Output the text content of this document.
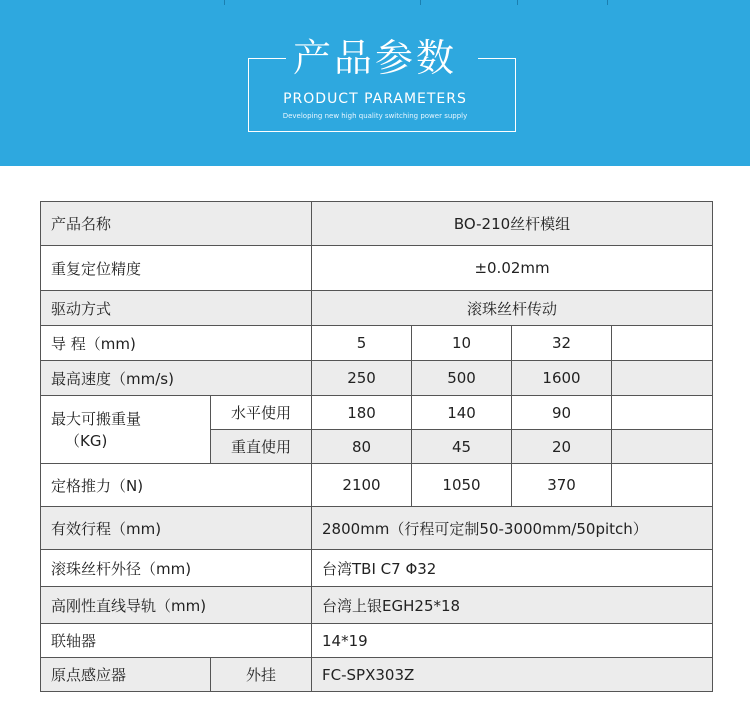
产品参数
PRODUCT PARAMETERS
Developing new high quality switching power supply
产品名称		BO-210丝杆模组			
重复定位精度		±0.02mm			
驱动方式		滚珠丝杆传动			
导 程（mm)		5	10	32	
最高速度（mm/s)		250	500	1600	

最大可搬重量
（KG)	水平使用	180	140	90	
	重直使用	80	45	20	
定格推力（N)		2100	1050	370	
有效行程（mm)		2800mm（行程可定制50-3000mm/50pitch）			
滚珠丝杆外径（mm)		台湾TBI C7 Φ32			
高刚性直线导轨（mm)		台湾上银EGH25*18			
联轴器		14*19			
原点感应器	外挂	FC-SPX303Z			
